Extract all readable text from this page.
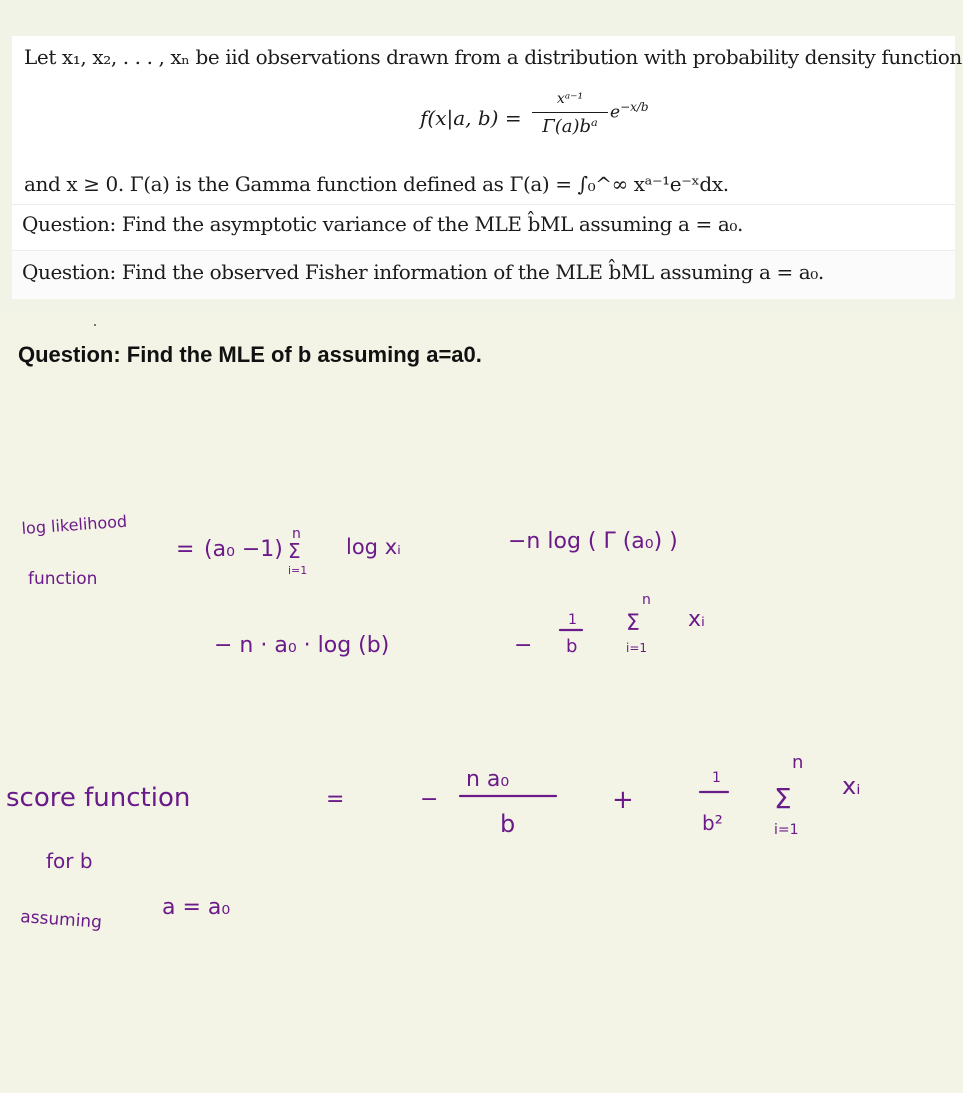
Let x₁, x₂, . . . , xₙ be iid observations drawn from a distribution with probability density function
f(x|a, b) =
xᵃ⁻¹
Γ(a)bᵃ
$e^{-x/b}$
and x ≥ 0. Γ(a) is the Gamma function defined as Γ(a) = ∫₀^∞ xᵃ⁻¹e⁻ˣdx.
Question: Find the asymptotic variance of the MLE b̂ML assuming a = a₀.
Question: Find the observed Fisher information of the MLE b̂ML assuming a = a₀.
Question: Find the MLE of b assuming a=a0.
log likelihood
function
= (a₀ −1)
n
Σ
i=1
log xᵢ	−n log ( Γ (a₀) )
− n · a₀ · log (b)	−
1
b
n
Σ
i=1
xᵢ
score function
for b
assuming	a = a₀
=	−
n a₀
b
+
1
b²
n
Σ
i=1
xᵢ
